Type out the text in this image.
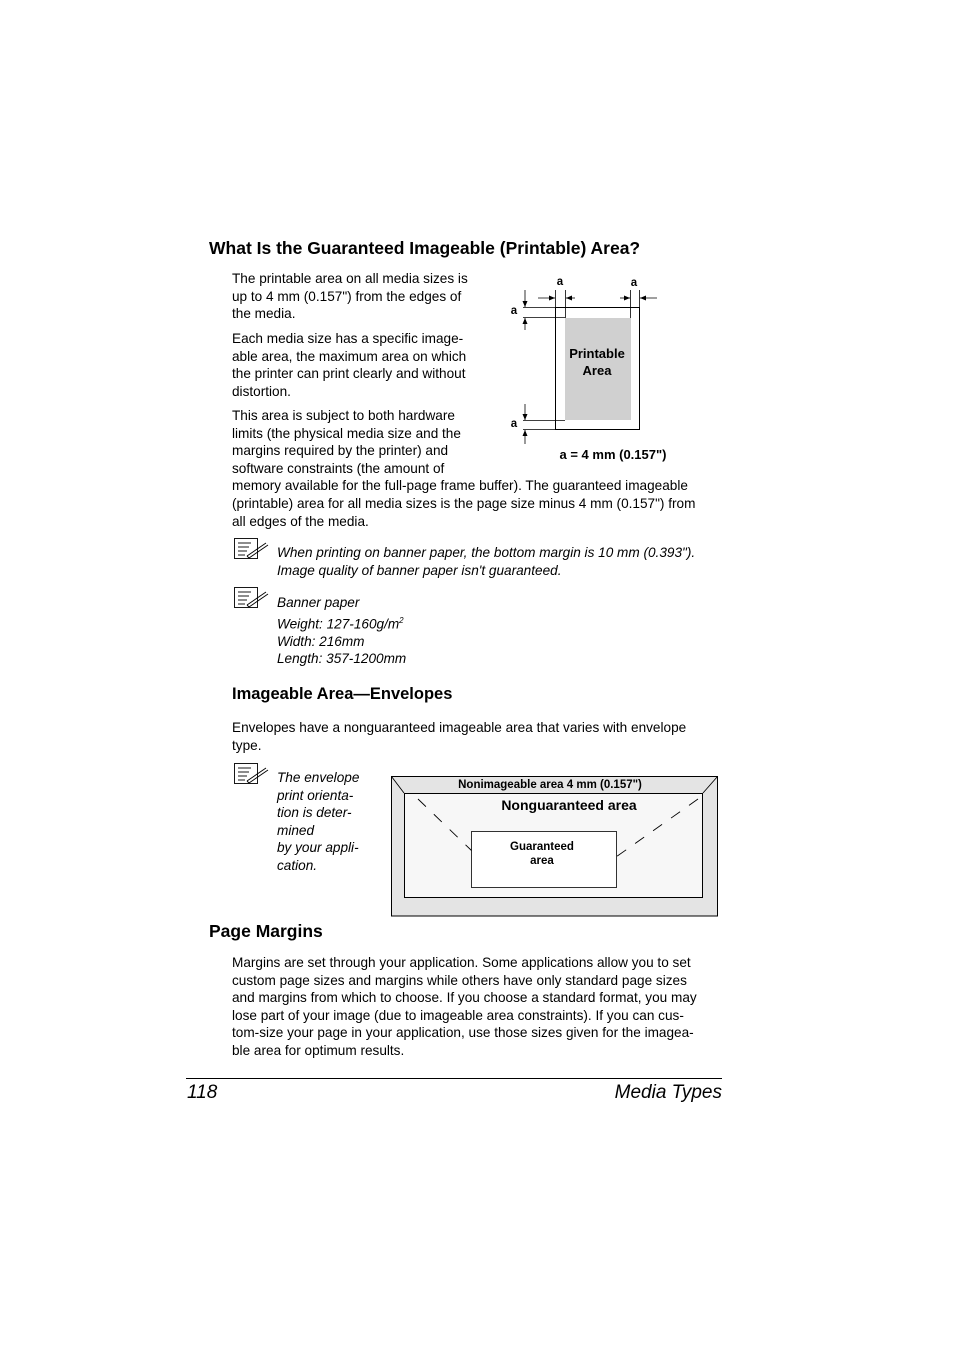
What Is the Guaranteed Imageable (Printable) Area?
The printable area on all media sizes is
up to 4 mm (0.157") from the edges of
the media.
Each media size has a specific image-
able area, the maximum area on which
the printer can print clearly and without
distortion.
This area is subject to both hardware
limits (the physical media size and the
margins required by the printer) and
software constraints (the amount of
memory available for the full-page frame buffer). The guaranteed imageable
(printable) area for all media sizes is the page size minus 4 mm (0.157") from
all edges of the media.
a	a
a
a
Printable
Area
a = 4 mm (0.157")
When printing on banner paper, the bottom margin is 10 mm (0.393").
Image quality of banner paper isn't guaranteed.
Banner paper
Weight: $127-160g/m^2$
Width: 216mm
Length: 357-1200mm
Imageable Area—Envelopes
Envelopes have a nonguaranteed imageable area that varies with envelope
type.
The envelope
print orienta-
tion is deter-
mined
by your appli-
cation.
Nonimageable area 4 mm (0.157")
Nonguaranteed area
Guaranteed
area
Page Margins
Margins are set through your application. Some applications allow you to set
custom page sizes and margins while others have only standard page sizes
and margins from which to choose. If you choose a standard format, you may
lose part of your image (due to imageable area constraints). If you can cus-
tom-size your page in your application, use those sizes given for the imagea-
ble area for optimum results.
118	Media Types
